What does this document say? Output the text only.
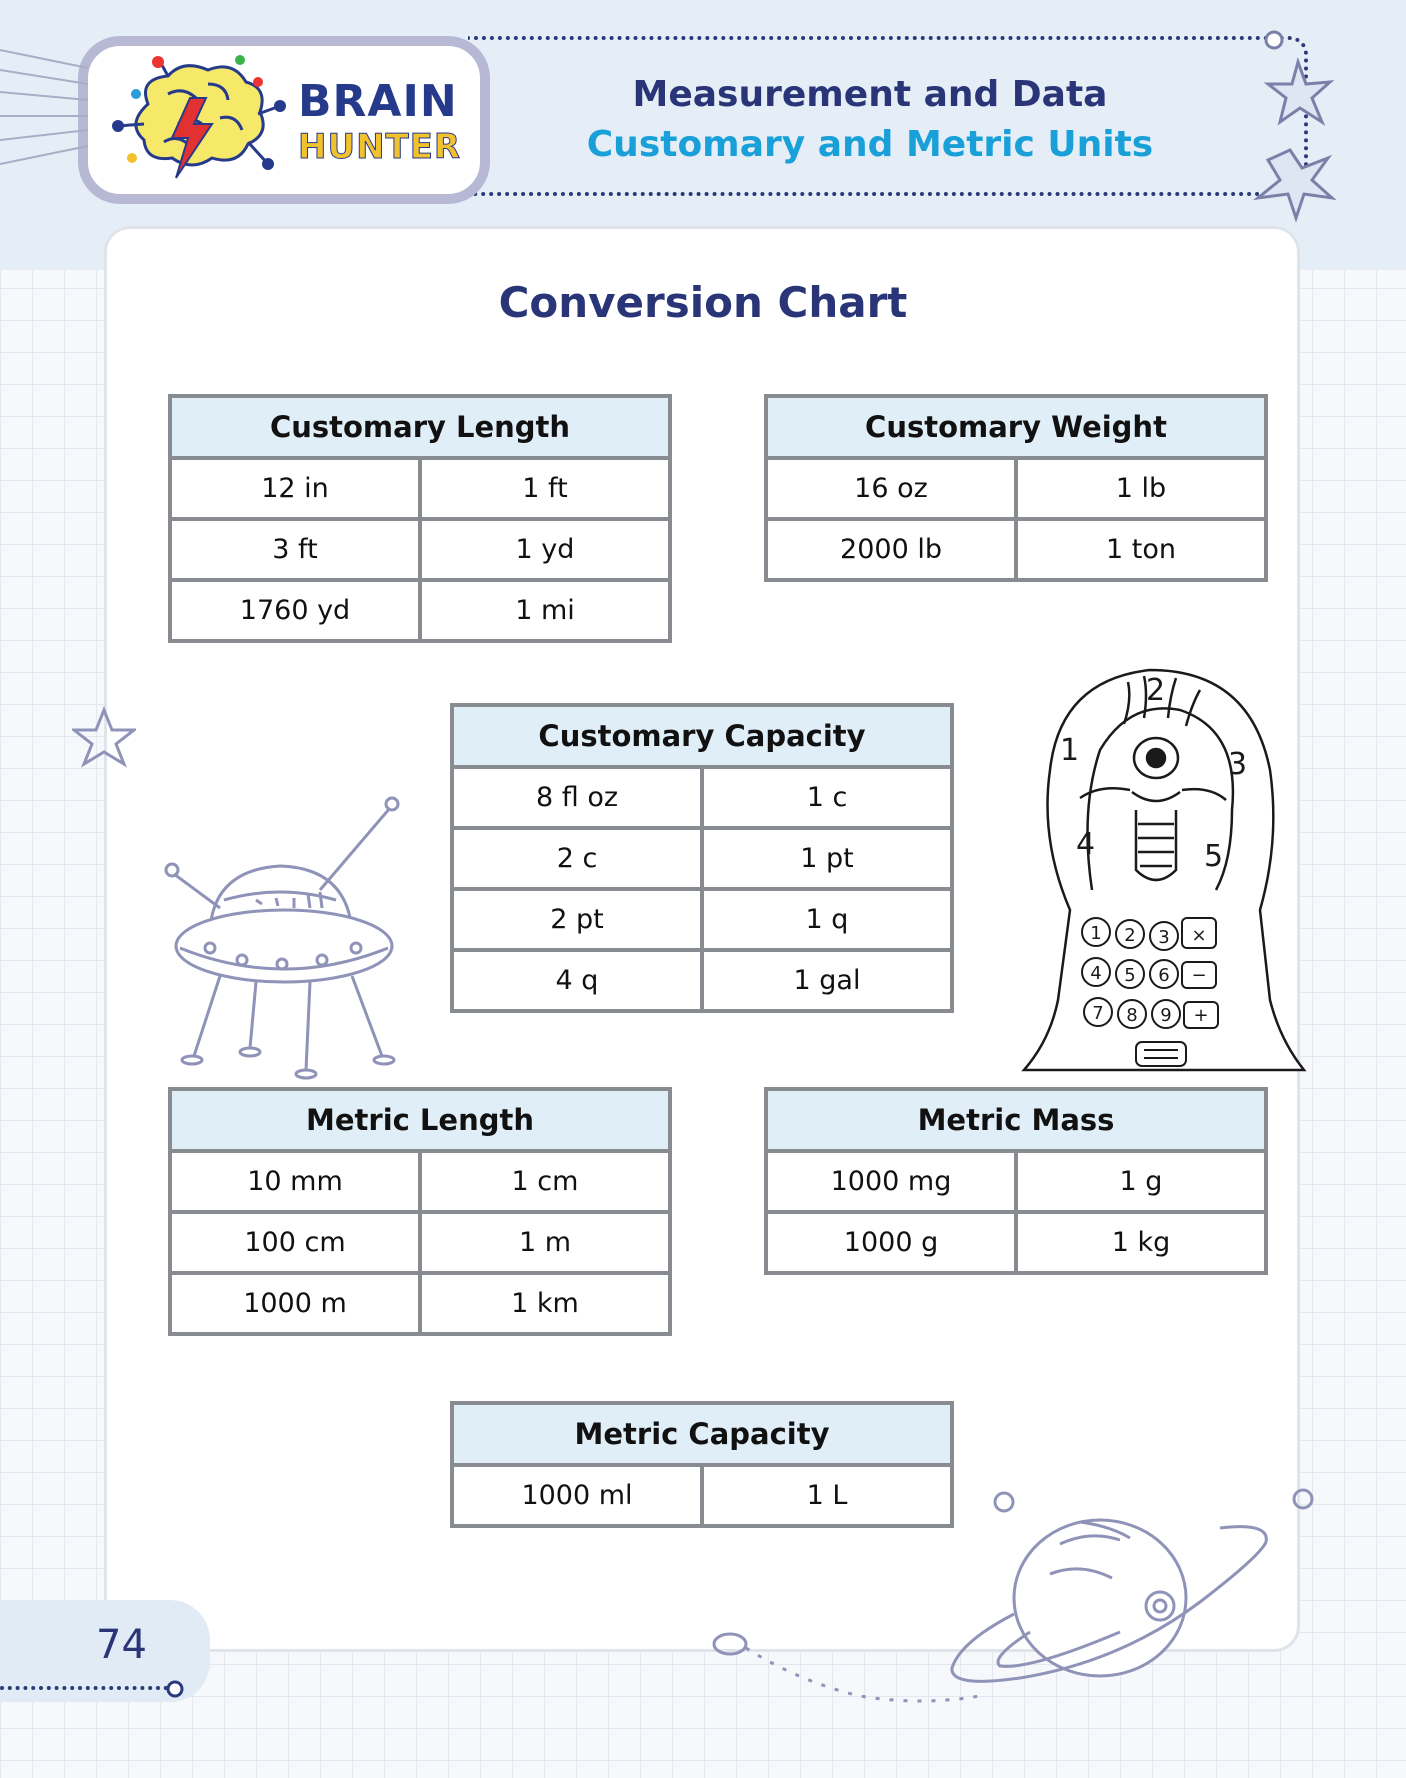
BRAIN
HUNTER
Measurement and Data
Customary and Metric Units
Conversion Chart
Customary Length	
12 in	1 ft
3 ft	1 yd
1760 yd	1 mi
Customary Weight	
16 oz	1 lb
2000 lb	1 ton
Customary Capacity	
8 fl oz	1 c
2 c	1 pt
2 pt	1 q
4 q	1 gal
Metric Length	
10 mm	1 cm
100 cm	1 m
1000 m	1 km
Metric Mass	
1000 mg	1 g
1000 g	1 kg
Metric Capacity
1000 ml	1 L
1
2
3
4	5
1 2 3 ×
4 5 6 −
7 8 9 +
74
